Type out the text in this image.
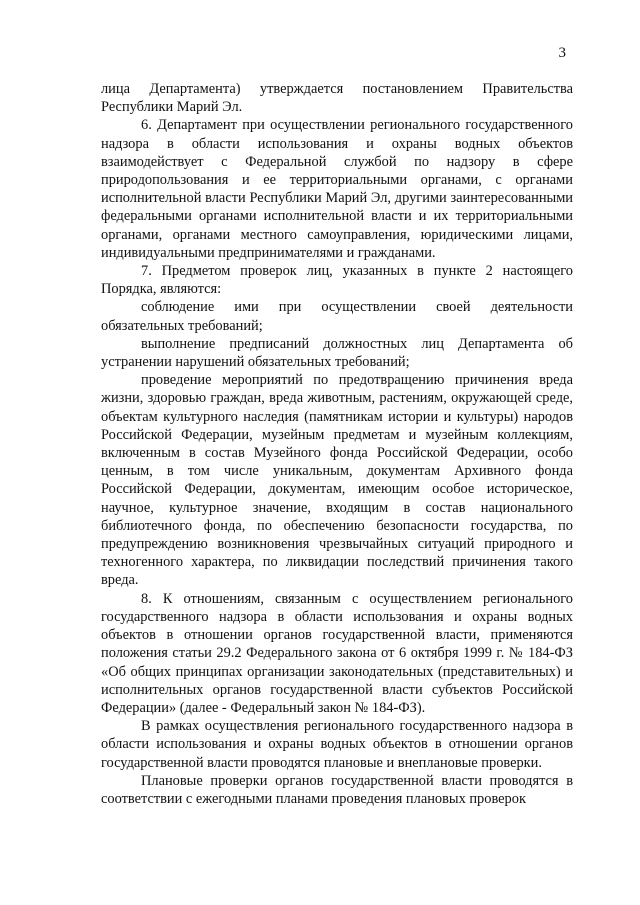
3

лица Департамента) утверждается постановлением Правительства Республики Марий Эл.

6. Департамент при осуществлении регионального государственного надзора в области использования и охраны водных объектов взаимодействует с Федеральной службой по надзору в сфере природопользования и ее территориальными органами, с органами исполнительной власти Республики Марий Эл, другими заинтересованными федеральными органами исполнительной власти и их территориальными органами, органами местного самоуправления, юридическими лицами, индивидуальными предпринимателями и гражданами.

7. Предметом проверок лиц, указанных в пункте 2 настоящего Порядка, являются:

соблюдение ими при осуществлении своей деятельности обязательных требований;

выполнение предписаний должностных лиц Департамента об устранении нарушений обязательных требований;

проведение мероприятий по предотвращению причинения вреда жизни, здоровью граждан, вреда животным, растениям, окружающей среде, объектам культурного наследия (памятникам истории и культуры) народов Российской Федерации, музейным предметам и музейным коллекциям, включенным в состав Музейного фонда Российской Федерации, особо ценным, в том числе уникальным, документам Архивного фонда Российской Федерации, документам, имеющим особое историческое, научное, культурное значение, входящим в состав национального библиотечного фонда, по обеспечению безопасности государства, по предупреждению возникновения чрезвычайных ситуаций природного и техногенного характера, по ликвидации последствий причинения такого вреда.

8. К отношениям, связанным с осуществлением регионального государственного надзора в области использования и охраны водных объектов в отношении органов государственной власти, применяются положения статьи 29.2 Федерального закона от 6 октября 1999 г. № 184-ФЗ «Об общих принципах организации законодательных (представительных) и исполнительных органов государственной власти субъектов Российской Федерации» (далее - Федеральный закон № 184-ФЗ).

В рамках осуществления регионального государственного надзора в области использования и охраны водных объектов в отношении органов государственной власти проводятся плановые и внеплановые проверки.

Плановые проверки органов государственной власти проводятся в соответствии с ежегодными планами проведения плановых проверок
